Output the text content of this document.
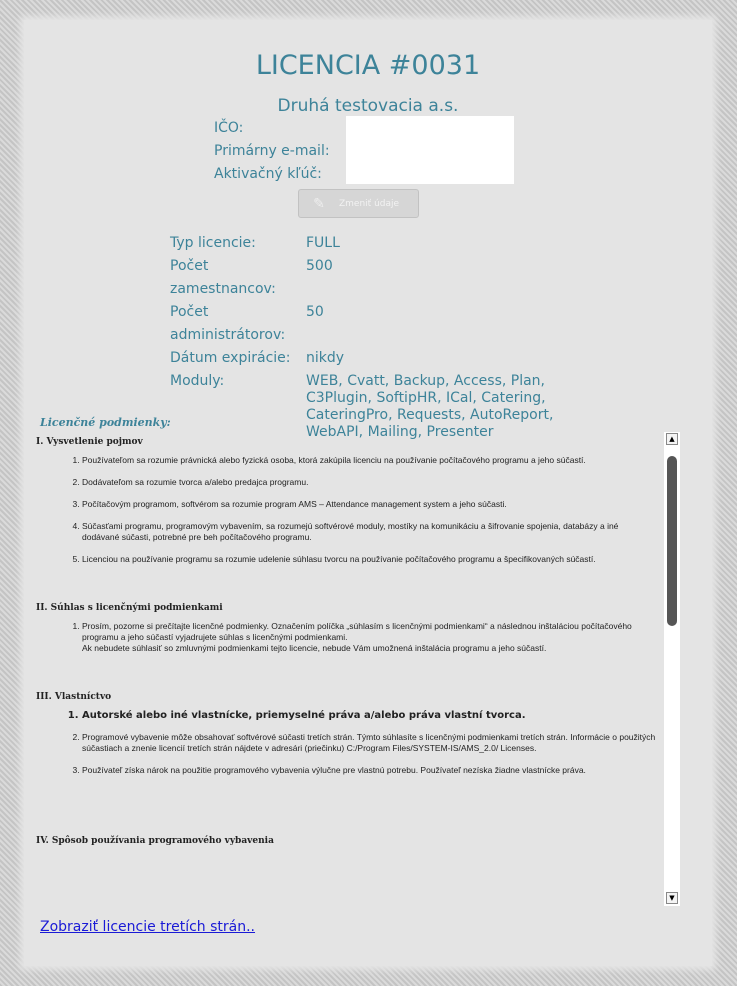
LICENCIA #0031
Druhá testovacia a.s.
IČO:
Primárny e-mail:
Aktivačný kľúč:
✎	Zmeniť údaje
Typ licencie:	FULL
Počet zamestnancov:
500
Počet administrátorov:
50
Dátum expirácie:	nikdy
Moduly:	WEB, Cvatt, Backup, Access, Plan, C3Plugin, SoftipHR, ICal, Catering, CateringPro, Requests, AutoReport, WebAPI, Mailing, Presenter
Licenčné podmienky:
I. Vysvetlenie pojmov
1. Používateľom sa rozumie právnická alebo fyzická osoba, ktorá zakúpila licenciu na používanie počítačového programu a jeho súčastí.
2. Dodávateľom sa rozumie tvorca a/alebo predajca programu.
3. Počítačovým programom, softvérom sa rozumie program AMS – Attendance management system a jeho súčasti.
4. Súčasťami programu, programovým vybavením, sa rozumejú softvérové moduly, mostíky na komunikáciu a šifrovanie spojenia, databázy a iné dodávané súčasti, potrebné pre beh počítačového programu.
5. Licenciou na používanie programu sa rozumie udelenie súhlasu tvorcu na používanie počítačového programu a špecifikovaných súčastí.
II. Súhlas s licenčnými podmienkami
1. Prosím, pozorne si prečítajte licenčné podmienky. Označením políčka „súhlasím s licenčnými podmienkami“ a následnou inštaláciou počítačového programu a jeho súčastí vyjadrujete súhlas s licenčnými podmienkami.
Ak nebudete súhlasiť so zmluvnými podmienkami tejto licencie, nebude Vám umožnená inštalácia programu a jeho súčastí.
III. Vlastníctvo
1. Autorské alebo iné vlastnícke, priemyselné práva a/alebo práva vlastní tvorca.
2. Programové vybavenie môže obsahovať softvérové súčasti tretích strán. Týmto súhlasíte s licenčnými podmienkami tretích strán. Informácie o použitých súčastiach a znenie licencií tretích strán nájdete v adresári (priečinku) C:/Program Files/SYSTEM-IS/AMS_2.0/ Licenses.
3. Používateľ získa nárok na použitie programového vybavenia výlučne pre vlastnú potrebu. Používateľ nezíska žiadne vlastnícke práva.
IV. Spôsob používania programového vybavenia
▲
▼
Zobraziť licencie tretích strán..
